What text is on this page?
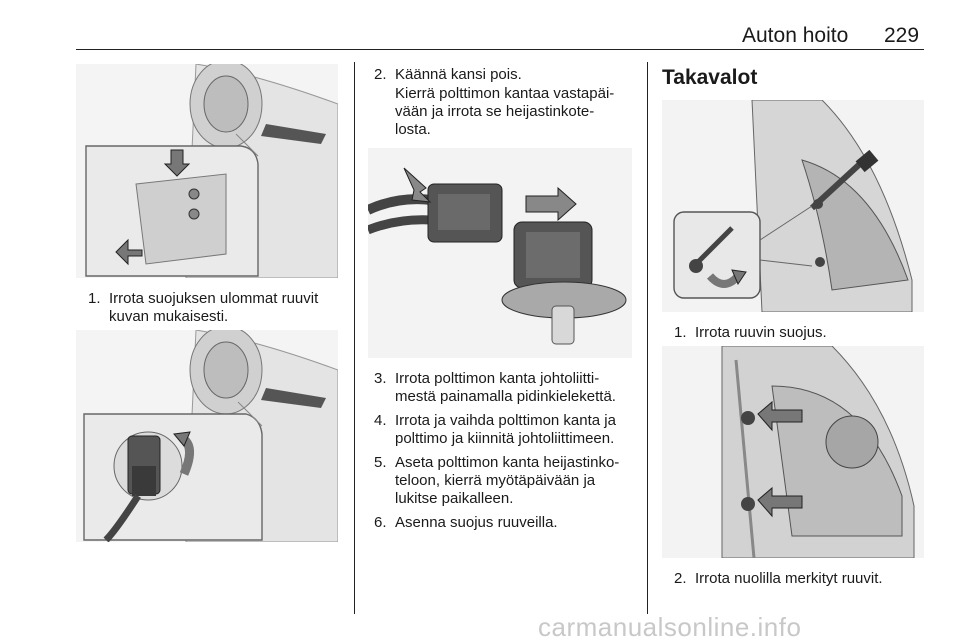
Auton hoito 229
1. Irrota suojuksen ulommat ruuvit
kuvan mukaisesti.
2. Käännä kansi pois.
Kierrä polttimon kantaa vastapäi-
vään ja irrota se heijastinkote-
losta.
3. Irrota polttimon kanta johtoliitti-
mestä painamalla pidinkielekettä.
4. Irrota ja vaihda polttimon kanta ja
polttimo ja kiinnitä johtoliittimeen.
5. Aseta polttimon kanta heijastinko-
teloon, kierrä myötäpäivään ja
lukitse paikalleen.
6. Asenna suojus ruuveilla.
Takavalot
1. Irrota ruuvin suojus.
2. Irrota nuolilla merkityt ruuvit.
carmanualsonline.info
